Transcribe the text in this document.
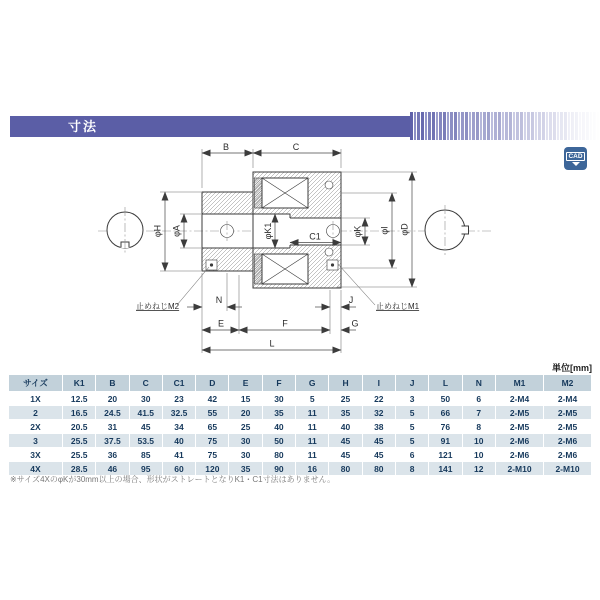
寸法
CAD
B	C
φH φA	φK1	C1	φK φI φD
N	J
止めねじM2	止めねじM1
E	F	G
L
単位[mm]
サイズ	K1	B	C	C1	D	E	F	G	H	I	J	L	N	M1	M2
1X	12.5	20	30	23	42	15	30	5	25	22	3	50	6	2-M4	2-M4
2	16.5	24.5	41.5	32.5	55	20	35	11	35	32	5	66	7	2-M5	2-M5
2X	20.5	31	45	34	65	25	40	11	40	38	5	76	8	2-M5	2-M5
3	25.5	37.5	53.5	40	75	30	50	11	45	45	5	91	10	2-M6	2-M6
3X	25.5	36	85	41	75	30	80	11	45	45	6	121	10	2-M6	2-M6
4X	28.5	46	95	60	120	35	90	16	80	80	8	141	12	2-M10	2-M10
※サイズ4XのφKが30mm以上の場合、形状がストレートとなりK1・C1寸法はありません。
